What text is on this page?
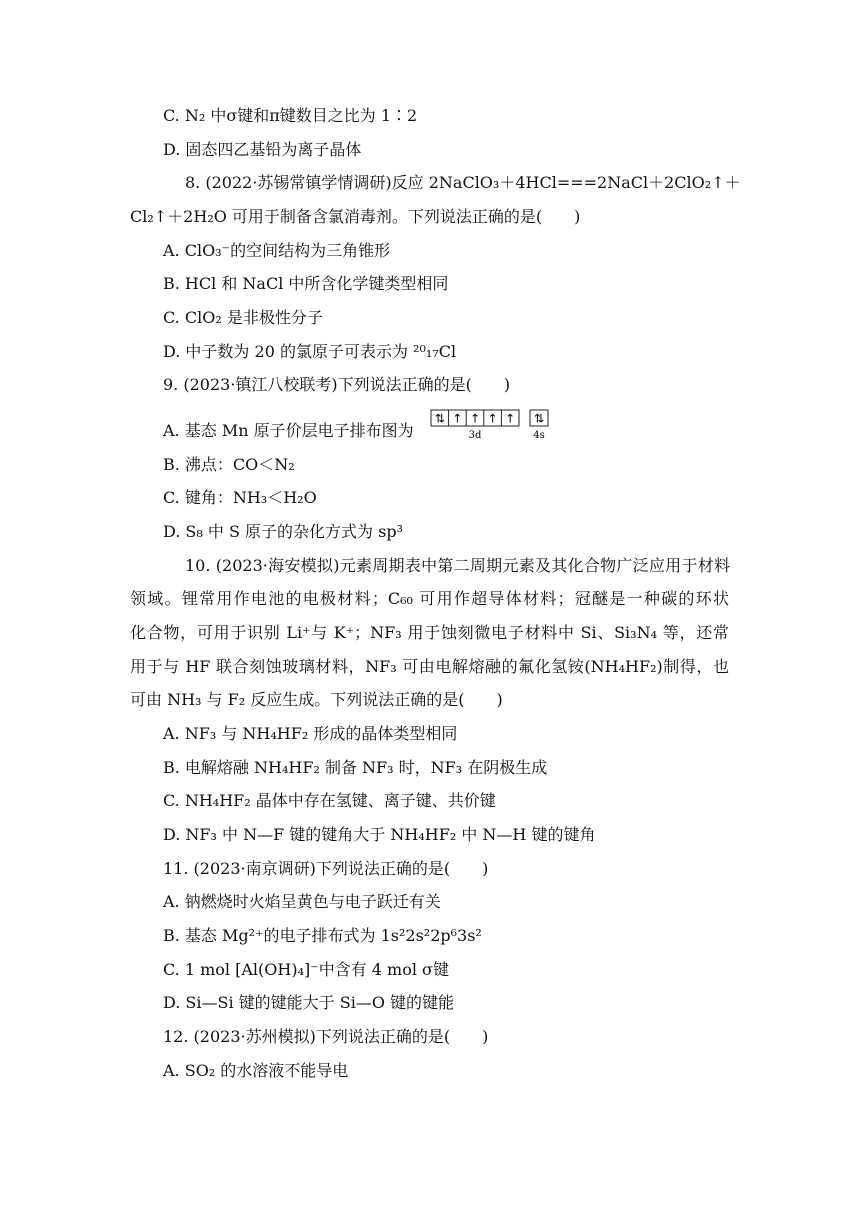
C. N₂ 中σ键和π键数目之比为 1∶2
D. 固态四乙基铅为离子晶体
8. (2022·苏锡常镇学情调研)反应 2NaClO₃＋4HCl===2NaCl＋2ClO₂↑＋
Cl₂↑＋2H₂O 可用于制备含氯消毒剂。下列说法正确的是(　　)
A. ClO₃⁻的空间结构为三角锥形
B. HCl 和 NaCl 中所含化学键类型相同
C. ClO₂ 是非极性分子
D. 中子数为 20 的氯原子可表示为 ²⁰₁₇Cl
9. (2023·镇江八校联考)下列说法正确的是(　　)
A. 基态 Mn 原子价层电子排布图为
⇅ ↑ ↑ ↑ ↑ ⇅
3d	4s
B. 沸点：CO＜N₂
C. 键角：NH₃＜H₂O
D. S₈ 中 S 原子的杂化方式为 sp³
10. (2023·海安模拟)元素周期表中第二周期元素及其化合物广泛应用于材料
领域。锂常用作电池的电极材料；C₆₀ 可用作超导体材料；冠醚是一种碳的环状
化合物，可用于识别 Li⁺与 K⁺；NF₃ 用于蚀刻微电子材料中 Si、Si₃N₄ 等，还常
用于与 HF 联合刻蚀玻璃材料，NF₃ 可由电解熔融的氟化氢铵(NH₄HF₂)制得，也
可由 NH₃ 与 F₂ 反应生成。下列说法正确的是(　　)
A. NF₃ 与 NH₄HF₂ 形成的晶体类型相同
B. 电解熔融 NH₄HF₂ 制备 NF₃ 时，NF₃ 在阴极生成
C. NH₄HF₂ 晶体中存在氢键、离子键、共价键
D. NF₃ 中 N—F 键的键角大于 NH₄HF₂ 中 N—H 键的键角
11. (2023·南京调研)下列说法正确的是(　　)
A. 钠燃烧时火焰呈黄色与电子跃迁有关
B. 基态 Mg²⁺的电子排布式为 1s²2s²2p⁶3s²
C. 1 mol [Al(OH)₄]⁻中含有 4 mol σ键
D. Si—Si 键的键能大于 Si—O 键的键能
12. (2023·苏州模拟)下列说法正确的是(　　)
A. SO₂ 的水溶液不能导电
